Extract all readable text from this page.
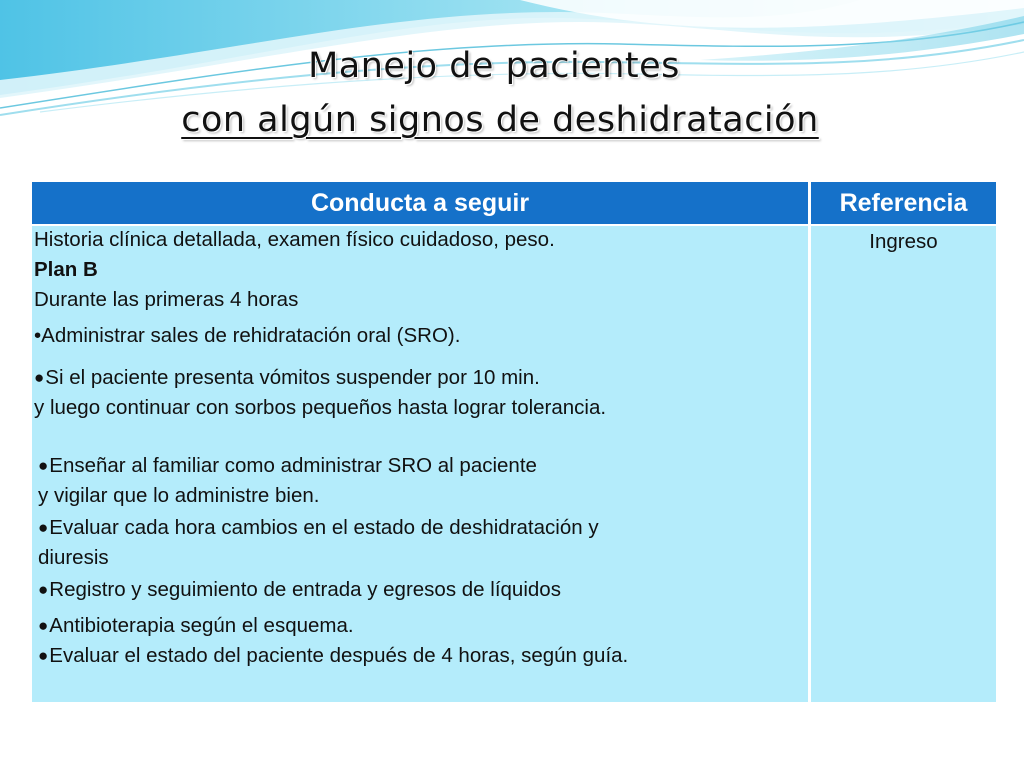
Manejo de pacientes
con algún signos de deshidratación
Conducta a seguir	Referencia
Historia clínica detallada, examen físico cuidadoso, peso.
Plan B
Durante las primeras 4 horas
•Administrar sales de rehidratación oral (SRO).
●Si el paciente presenta vómitos suspender por 10 min.
y luego continuar con sorbos pequeños hasta lograr tolerancia.
●Enseñar al familiar como administrar SRO al paciente
y vigilar que lo administre bien.
●Evaluar cada hora cambios en el estado de deshidratación y
diuresis
●Registro y seguimiento de entrada y egresos de líquidos
●Antibioterapia según el esquema.
●Evaluar el estado del paciente después de 4 horas, según guía.
Ingreso
